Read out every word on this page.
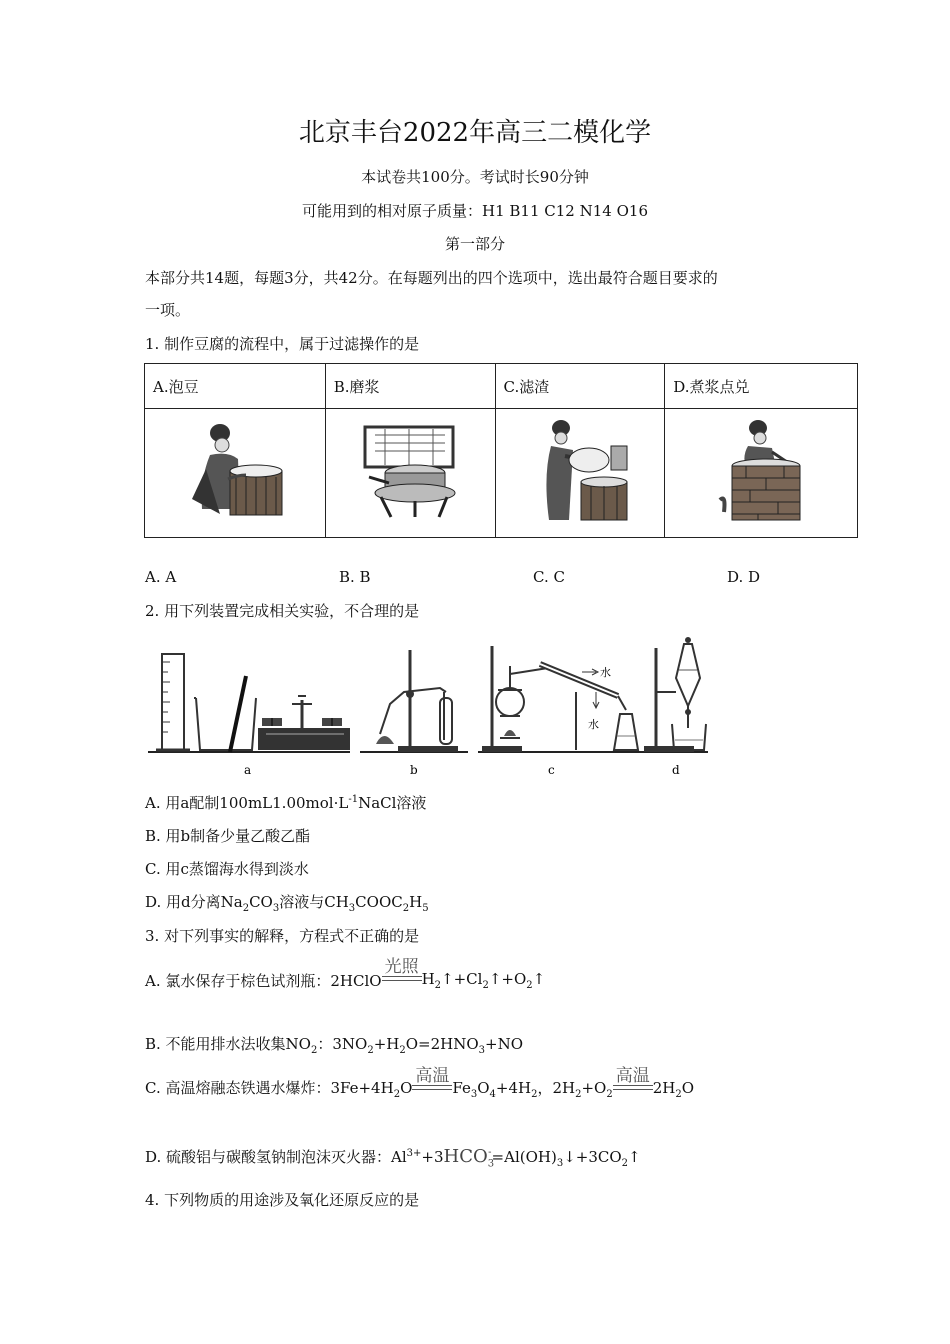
北京丰台2022年高三二模化学
本试卷共100分。考试时长90分钟
可能用到的相对原子质量：H1 B11 C12 N14 O16
第一部分
本部分共14题，每题3分，共42分。在每题列出的四个选项中，选出最符合题目要求的
一项。
1. 制作豆腐的流程中，属于过滤操作的是
A.泡豆	B.磨浆	C.滤渣	D.煮浆点兑

A. A	B. B	C. C	D. D
2. 用下列装置完成相关实验，不合理的是
a	b
水
水
c	d
A. 用a配制$100mL1.00mol\cdot L^{-1}NaCl$溶液
B. 用b制备少量乙酸乙酯
C. 用c蒸馏海水得到淡水
D. 用d分离$Na_2CO_3$溶液与$CH_3COOC_2H_5$
3. 对下列事实的解释，方程式不正确的是
A. 氯水保存于棕色试剂瓶：2HClO
光照
$H_2↑+Cl_2↑+O_2↑$
B. 不能用排水法收集$NO_2$：$3NO_2+H_2O=2HNO_3+NO$
C. 高温熔融态铁遇水爆炸：$3Fe+4H_2O$
高温
$Fe_3O_4+4H_2$，$2H_2+O_2$
高温
$2H_2O$
D. 硫酸铝与碳酸氢钠制泡沫灭火器：$Al^{3+}+3HCO_3^-=Al(OH)_3↓+3CO_2↑$
4. 下列物质的用途涉及氧化还原反应的是
